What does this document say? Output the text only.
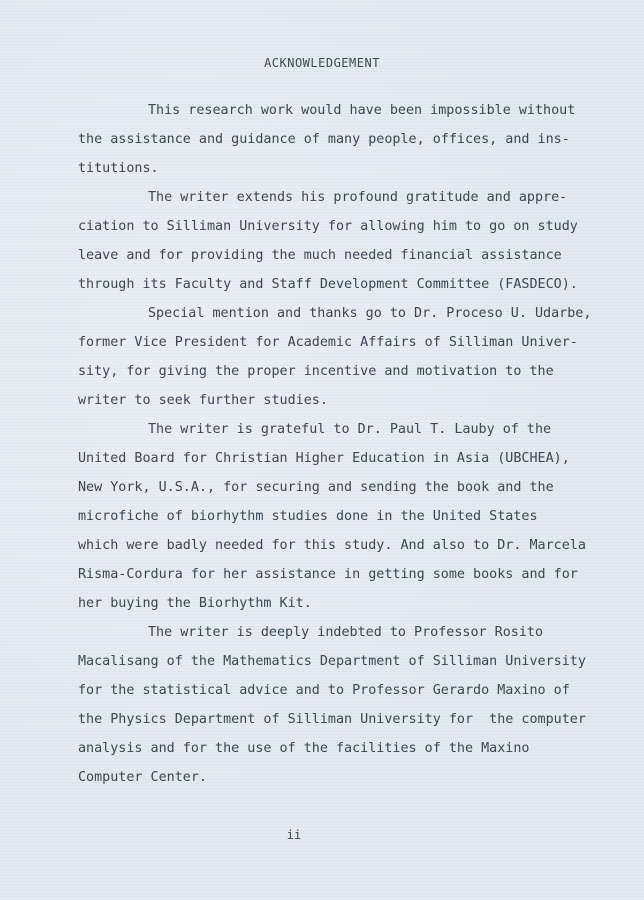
ACKNOWLEDGEMENT

This research work would have been impossible without
the assistance and guidance of many people, offices, and ins-
titutions.

The writer extends his profound gratitude and appre-
ciation to Silliman University for allowing him to go on study
leave and for providing the much needed financial assistance
through its Faculty and Staff Development Committee (FASDECO).

Special mention and thanks go to Dr. Proceso U. Udarbe,
former Vice President for Academic Affairs of Silliman Univer-
sity, for giving the proper incentive and motivation to the
writer to seek further studies.

The writer is grateful to Dr. Paul T. Lauby of the
United Board for Christian Higher Education in Asia (UBCHEA),
New York, U.S.A., for securing and sending the book and the
microfiche of biorhythm studies done in the United States
which were badly needed for this study. And also to Dr. Marcela
Risma-Cordura for her assistance in getting some books and for
her buying the Biorhythm Kit.

The writer is deeply indebted to Professor Rosito
Macalisang of the Mathematics Department of Silliman University
for the statistical advice and to Professor Gerardo Maxino of
the Physics Department of Silliman University for  the computer
analysis and for the use of the facilities of the Maxino
Computer Center.

ii
